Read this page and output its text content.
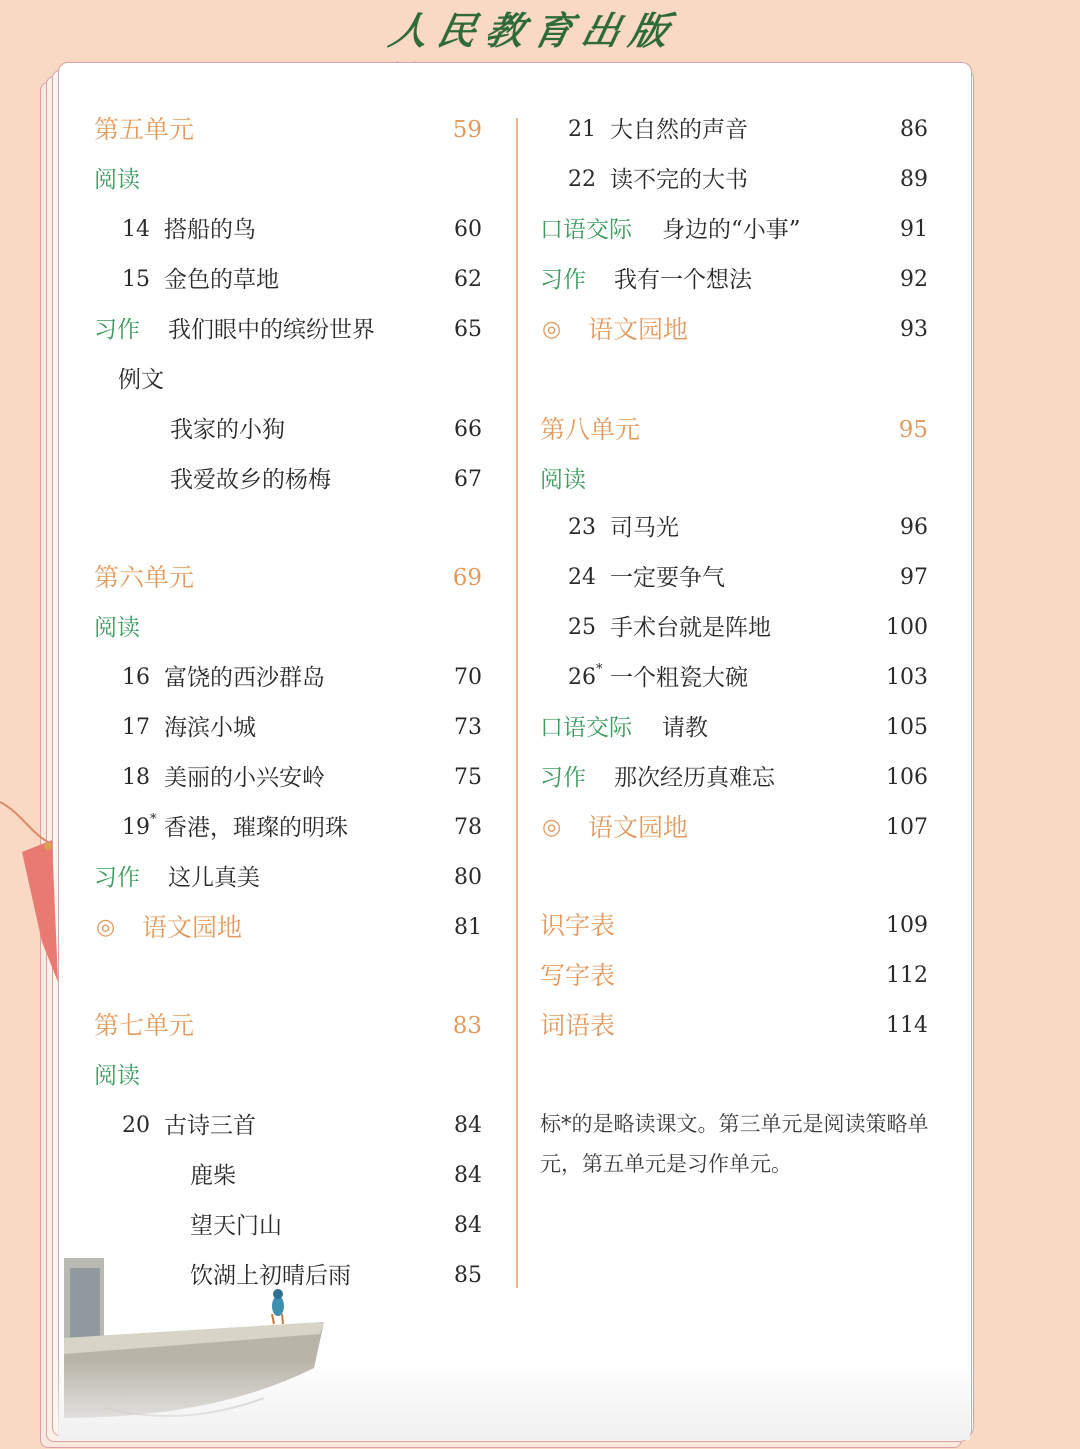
人民教育出版社
第五单元	59
阅读
14 搭船的鸟	60
15 金色的草地	62
习作 我们眼中的缤纷世界	65
例文
我家的小狗	66
我爱故乡的杨梅	67
第六单元	69
阅读
16 富饶的西沙群岛	70
17 海滨小城	73
18 美丽的小兴安岭	75
19* 香港，璀璨的明珠	78
习作 这儿真美	80
◎ 语文园地	81
第七单元	83
阅读
20 古诗三首	84
鹿柴	84
望天门山	84
饮湖上初晴后雨	85
21 大自然的声音	86
22 读不完的大书	89
口语交际 身边的“小事”	91
习作 我有一个想法	92
◎ 语文园地	93
第八单元	95
阅读
23 司马光	96
24 一定要争气	97
25 手术台就是阵地	100
26* 一个粗瓷大碗	103
口语交际 请教	105
习作 那次经历真难忘	106
◎ 语文园地	107
识字表	109
写字表	112
词语表	114
标*的是略读课文。第三单元是阅读策略单元，第五单元是习作单元。
